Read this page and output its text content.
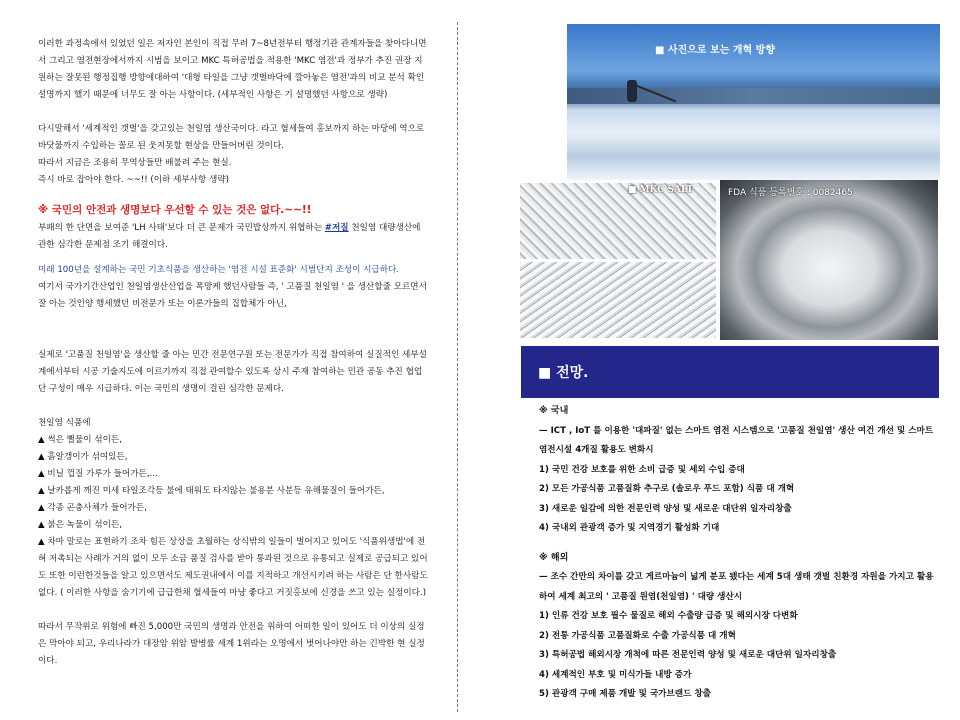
이러한 과정속에서 있었던 일은 저자인 본인이 직접 무려 7~8년전부터 행정기관 관계자들을 찾아다니면서 그리고 염전현장에서까지 시범을 보이고 MKC 특허공법을 적용한 'MKC 염전'과 정부가 추진 권장 지원하는 잘못된 행정집행 방향에대하여 '대형 타일을 그냥 갯벌바닥에 깔아놓은 염전'과의 비교 분석 확인 설명까지 했기 때문에 너무도 잘 아는 사항이다. (세부적인 사항은 기 설명했던 사항으로 생략)

다시말해서 '세계적인 갯벌'을 갖고있는 천일염 생산국이다. 라고 혈세들여 홍보까지 하는 마당에 역으로 바닷물까지 수입하는 꼴로 된 웃지못할 현상을 만들어버린 것이다.

따라서 지금은 조용히 무역상들만 배불려 주는 현실.

즉시 바로 잡아야 한다. ~~!! (이하 세부사항 생략)

※ 국민의 안전과 생명보다 우선할 수 있는 것은 없다.~~!!

부패의 한 단면을 보여준 'LH 사태'보다 더 큰 문제가 국민밥상까지 위협하는 #저질 천일염 대량생산에 관한 심각한 문제점 조기 해결이다.

미래 100년을 설계하는 국민 기초식품을 생산하는 '염전 시설 표준화' 시범단지 조성이 시급하다.

여기서 국가기간산업인 천일염생산산업을 폭망케 했던사람들 즉, ' 고품질 천일염 ' 을 생산할줄 모르면서 잘 아는 것인양 행세했던 비전문가 또는 이론가들의 집합체가 아닌,

실제로 '고품질 천일염'을 생산할 줄 아는 민간 전문연구원 또는 전문가가 직접 참여하여 실질적인 세부설계에서부터 시공 기술지도에 이르기까지 직접 관여할수 있도록 상시 주재 참여하는 민관 공동 추진 협업단 구성이 매우 시급하다. 이는 국민의 생명이 걸린 심각한 문제다.

천일염 식품에

▲ 썩은 뻘물이 섞이든,

▲ 흙알갱이가 섞여있든,

▲ 비닐 껍질 가루가 들어가든,...

▲ 날카롭게 깨진 미세 타일조각등 불에 태워도 타지않는 불용분 사분등 유해물질이 들어가든,

▲ 각종 곤충사체가 들어가든,

▲ 붉은 녹물이 섞이든,

▲ 차마 말로는 표현하기 조차 힘든 상상을 초월하는 상식밖의 일들이 벌어지고 있어도 '식품위생법'에 전혀 저촉되는 사례가 거의 없이 모두 소금 품질 검사를 받아 통과된 것으로 유통되고 실제로 공급되고 있어도 또한 이런한것들을 알고 있으면서도 제도권내에서 이를 지적하고 개선시키려 하는 사람은 단 한사람도 없다. ( 이러한 사항을 숨기기에 급급한채 혈세들여 마냥 좋다고 거짓홍보에 신경을 쓰고 있는 실정이다.)

따라서 무작위로 위험에 빠진 5,000만 국민의 생명과 안전을 위하여 어떠한 일이 있어도 더 이상의 실정은 막아야 되고, 우리나라가 대장암 위암 발병률 세계 1위라는 오명에서 벗어나야만 하는 긴박한 현 실정이다.

■ 사진으로 보는 개혁 방향
■ MKC SALT	FDA 식품 등록번호 : 0082465
■ 전망.

※ 국내

— ICT , IoT 를 이용한 '대파질' 없는 스마트 염전 시스템으로 '고품질 천일염' 생산 여건 개선 및 스마트 염전시설 4개질 활용도 변화시

1) 국민 건강 보호를 위한 소비 급증 및 세외 수입 증대

2) 모든 가공식품 고품질화 추구로 (솔로우 푸드 포함) 식품 대 개혁

3) 새로운 일감에 의한 전문인력 양성 및 새로운 대단위 일자리창출

4) 국내외 관광객 증가 및 지역경기 활성화 기대

※ 해외

— 조수 간만의 차이를 갖고 게르마늄이 넓게 분포 됐다는 세계 5대 생태 갯벌 친환경 자원을 가지고 활용하여 세계 최고의 ' 고품질 원염(천일염) ' 대량 생산시

1) 인류 건강 보호 필수 물질로 해외 수출량 급증 및 해외시장 다변화

2) 전통 가공식품 고품질화로 수출 가공식품 대 개혁

3) 특허공법 해외시장 개척에 따른 전문인력 양성 및 새로운 대단위 일자리창출

4) 세계적인 부호 및 미식가들 내방 증가

5) 관광객 구매 제품 개발 및 국가브랜드 창출
